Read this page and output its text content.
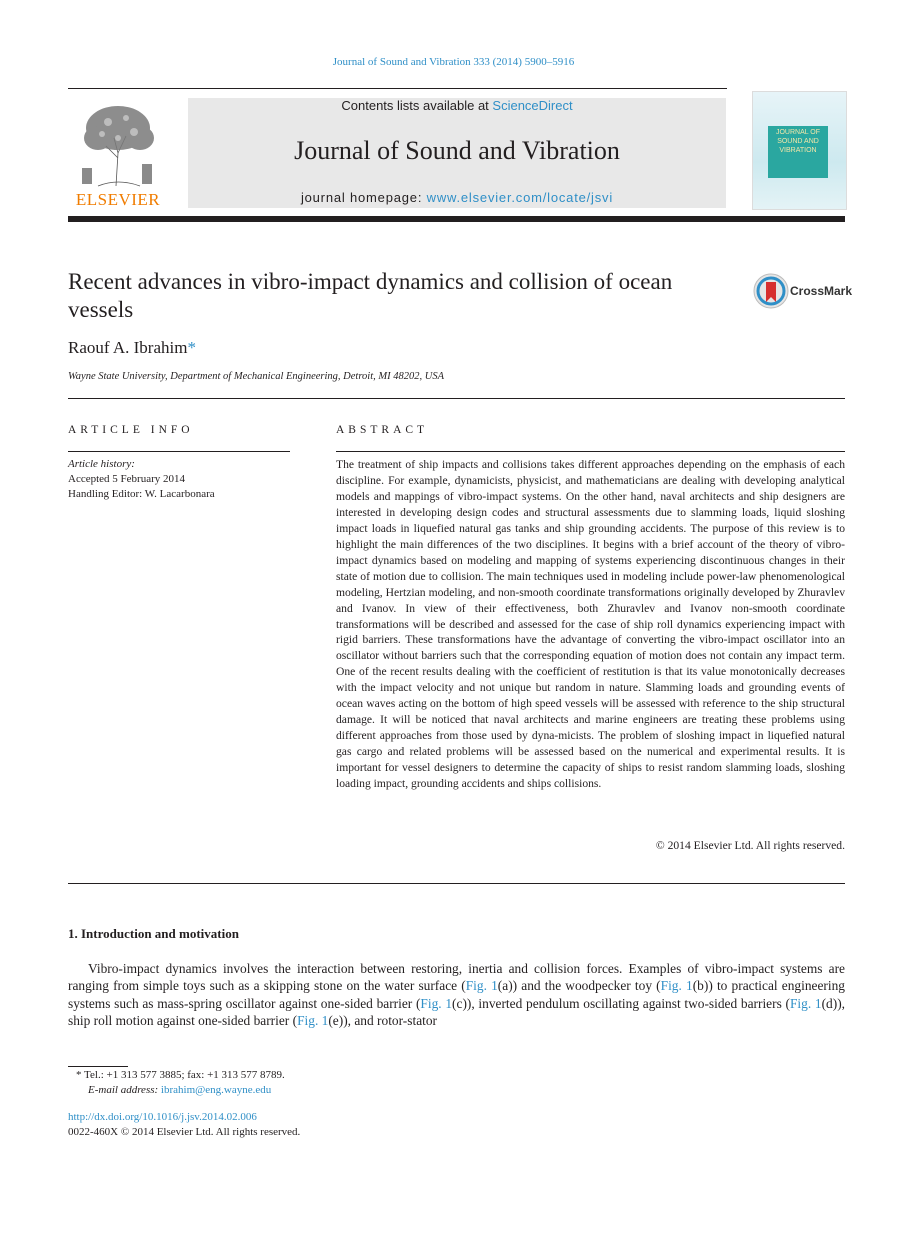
Journal of Sound and Vibration 333 (2014) 5900–5916
ELSEVIER
Contents lists available at ScienceDirect
Journal of Sound and Vibration
journal homepage: www.elsevier.com/locate/jsvi
JOURNAL OF SOUND AND VIBRATION
Recent advances in vibro-impact dynamics and collision of ocean vessels
CrossMark
Raouf A. Ibrahim*
Wayne State University, Department of Mechanical Engineering, Detroit, MI 48202, USA
ARTICLE INFO
Article history:
Accepted 5 February 2014
Handling Editor: W. Lacarbonara
ABSTRACT
The treatment of ship impacts and collisions takes different approaches depending on the emphasis of each discipline. For example, dynamicists, physicist, and mathematicians are dealing with developing analytical models and mappings of vibro-impact systems. On the other hand, naval architects and ship designers are interested in developing design codes and structural assessments due to slamming loads, liquid sloshing impact loads in liquefied natural gas tanks and ship grounding accidents. The purpose of this review is to highlight the main differences of the two disciplines. It begins with a brief account of the theory of vibro-impact dynamics based on modeling and mapping of systems experiencing discontinuous changes in their state of motion due to collision. The main techniques used in modeling include power-law phenomenological modeling, Hertzian modeling, and non-smooth coordinate transformations originally developed by Zhuravlev and Ivanov. In view of their effectiveness, both Zhuravlev and Ivanov non-smooth coordinate transformations will be described and assessed for the case of ship roll dynamics experiencing impact with rigid barriers. These transformations have the advantage of converting the vibro-impact oscillator into an oscillator without barriers such that the corresponding equation of motion does not contain any impact term. One of the recent results dealing with the coefficient of restitution is that its value monotonically decreases with the impact velocity and not unique but random in nature. Slamming loads and grounding events of ocean waves acting on the bottom of high speed vessels will be assessed with reference to the ship structural damage. It will be noticed that naval architects and marine engineers are treating these problems using different approaches from those used by dyna-micists. The problem of sloshing impact in liquefied natural gas cargo and related problems will be assessed based on the numerical and experimental results. It is important for vessel designers to determine the capacity of ships to resist random slamming loads, sloshing loading impact, grounding accidents and ships collisions.
© 2014 Elsevier Ltd. All rights reserved.
1. Introduction and motivation
Vibro-impact dynamics involves the interaction between restoring, inertia and collision forces. Examples of vibro-impact systems are ranging from simple toys such as a skipping stone on the water surface (Fig. 1(a)) and the woodpecker toy (Fig. 1(b)) to practical engineering systems such as mass-spring oscillator against one-sided barrier (Fig. 1(c)), inverted pendulum oscillating against two-sided barriers (Fig. 1(d)), ship roll motion against one-sided barrier (Fig. 1(e)), and rotor-stator
* Tel.: +1 313 577 3885; fax: +1 313 577 8789.
E-mail address: ibrahim@eng.wayne.edu
http://dx.doi.org/10.1016/j.jsv.2014.02.006
0022-460X © 2014 Elsevier Ltd. All rights reserved.
